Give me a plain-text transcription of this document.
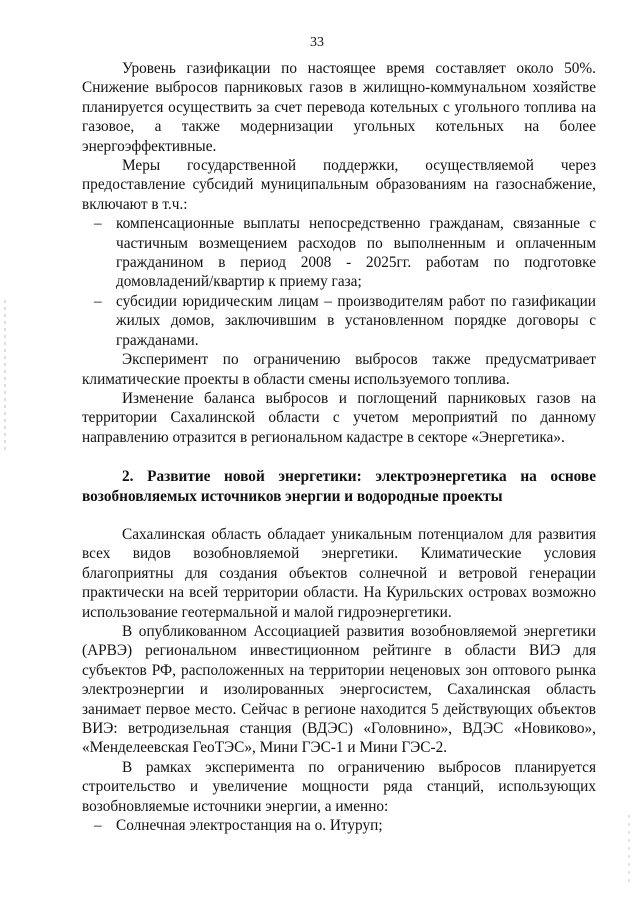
33

Уровень газификации по настоящее время составляет около 50%. Снижение выбросов парниковых газов в жилищно-коммунальном хозяйстве планируется осуществить за счет перевода котельных с угольного топлива на газовое, а также модернизации угольных котельных на более энергоэффективные.

Меры государственной поддержки, осуществляемой через предоставление субсидий муниципальным образованиям на газоснабжение, включают в т.ч.:

– компенсационные выплаты непосредственно гражданам, связанные с частичным возмещением расходов по выполненным и оплаченным гражданином в период 2008 - 2025гг. работам по подготовке домовладений/квартир к приему газа;
– субсидии юридическим лицам – производителям работ по газификации жилых домов, заключившим в установленном порядке договоры с гражданами.

Эксперимент по ограничению выбросов также предусматривает климатические проекты в области смены используемого топлива.

Изменение баланса выбросов и поглощений парниковых газов на территории Сахалинской области с учетом мероприятий по данному направлению отразится в региональном кадастре в секторе «Энергетика».

2. Развитие новой энергетики: электроэнергетика на основе возобновляемых источников энергии и водородные проекты

Сахалинская область обладает уникальным потенциалом для развития всех видов возобновляемой энергетики. Климатические условия благоприятны для создания объектов солнечной и ветровой генерации практически на всей территории области. На Курильских островах возможно использование геотермальной и малой гидроэнергетики.

В опубликованном Ассоциацией развития возобновляемой энергетики (АРВЭ) региональном инвестиционном рейтинге в области ВИЭ для субъектов РФ, расположенных на территории неценовых зон оптового рынка электроэнергии и изолированных энергосистем, Сахалинская область занимает первое место. Сейчас в регионе находится 5 действующих объектов ВИЭ: ветродизельная станция (ВДЭС) «Головнино», ВДЭС «Новиково», «Менделеевская ГеоТЭС», Мини ГЭС-1 и Мини ГЭС-2.

В рамках эксперимента по ограничению выбросов планируется строительство и увеличение мощности ряда станций, использующих возобновляемые источники энергии, а именно:

– Солнечная электростанция на о. Итуруп;
